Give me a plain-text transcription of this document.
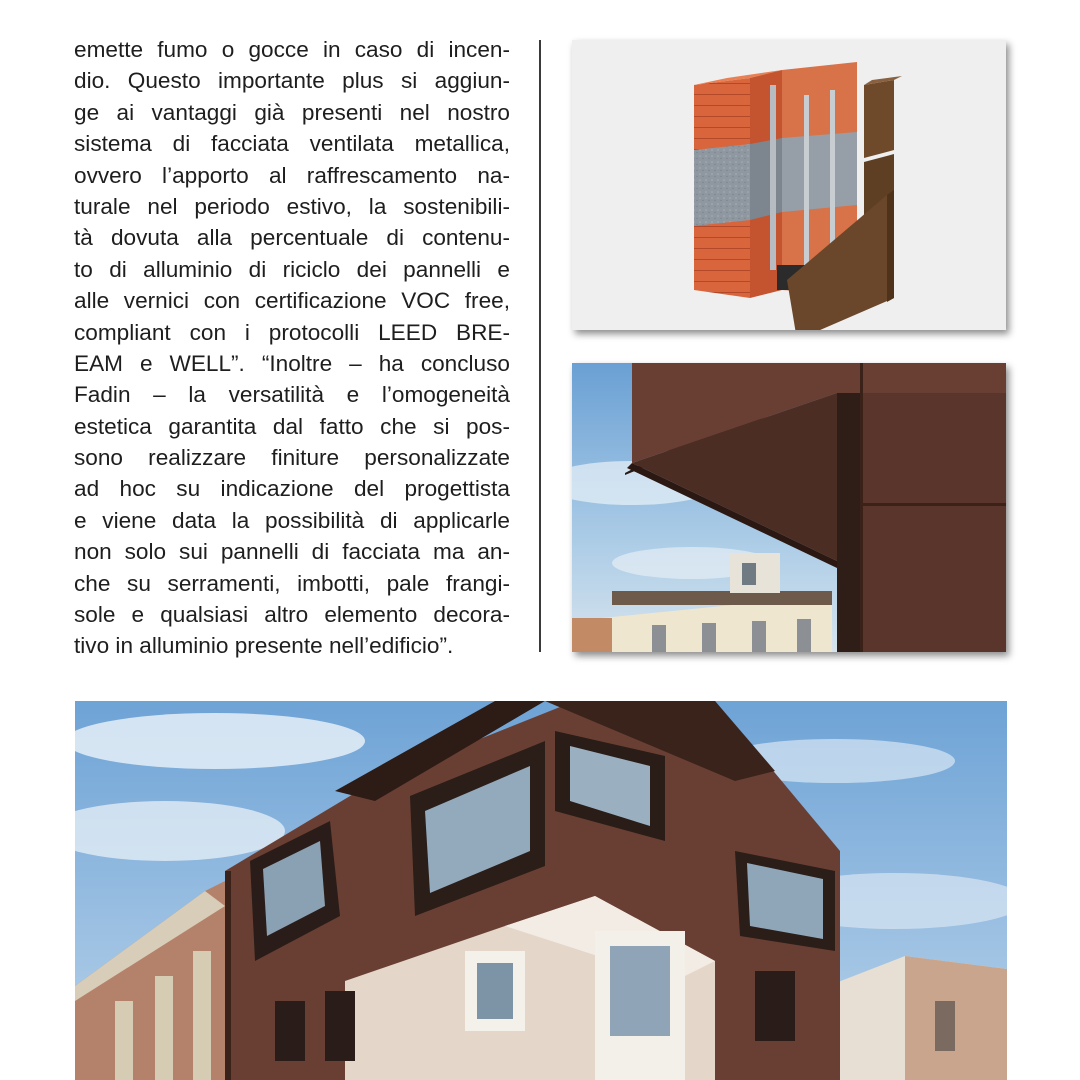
emette fumo o gocce in caso di incen-
dio. Questo importante plus si aggiun-
ge ai vantaggi già presenti nel nostro
sistema di facciata ventilata metallica,
ovvero l’apporto al raffrescamento na-
turale nel periodo estivo, la sostenibili-
tà dovuta alla percentuale di contenu-
to di alluminio di riciclo dei pannelli e
alle vernici con certificazione VOC free,
compliant con i protocolli LEED BRE-
EAM e WELL”. “Inoltre – ha concluso
Fadin – la versatilità e l’omogeneità
estetica garantita dal fatto che si pos-
sono realizzare finiture personalizzate
ad hoc su indicazione del progettista
e viene data la possibilità di applicarle
non solo sui pannelli di facciata ma an-
che su serramenti, imbotti, pale frangi-
sole e qualsiasi altro elemento decora-
tivo in alluminio presente nell’edificio”.
